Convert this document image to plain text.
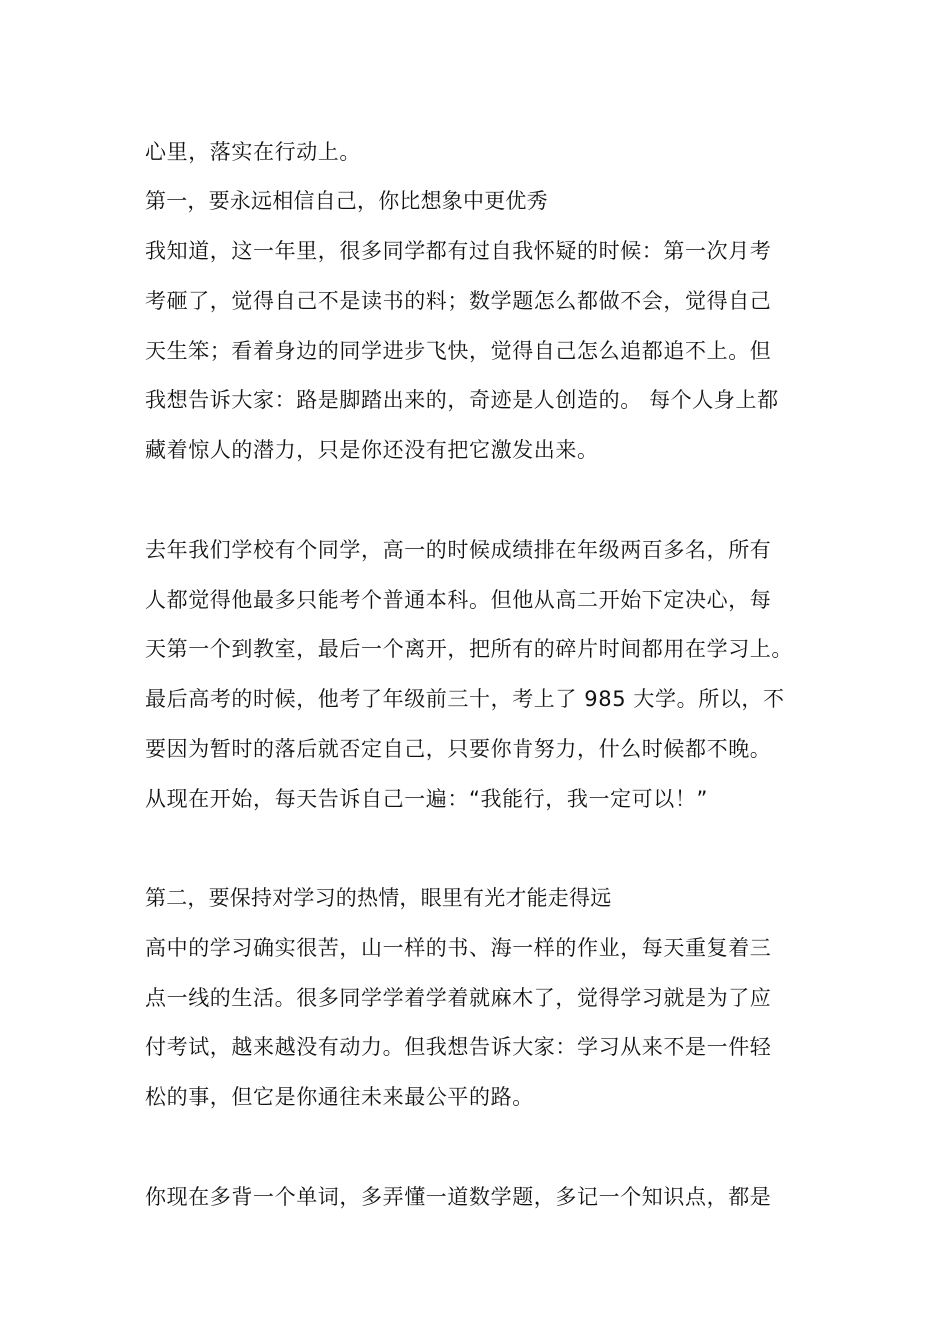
心里，落实在行动上。
第一，要永远相信自己，你比想象中更优秀
我知道，这一年里，很多同学都有过自我怀疑的时候：第一次月考
考砸了，觉得自己不是读书的料；数学题怎么都做不会，觉得自己
天生笨；看着身边的同学进步飞快，觉得自己怎么追都追不上。但
我想告诉大家：路是脚踏出来的，奇迹是人创造的。 每个人身上都
藏着惊人的潜力，只是你还没有把它激发出来。
去年我们学校有个同学，高一的时候成绩排在年级两百多名，所有
人都觉得他最多只能考个普通本科。但他从高二开始下定决心，每
天第一个到教室，最后一个离开，把所有的碎片时间都用在学习上。
最后高考的时候，他考了年级前三十，考上了 985 大学。所以，不
要因为暂时的落后就否定自己，只要你肯努力，什么时候都不晚。
从现在开始，每天告诉自己一遍：“我能行，我一定可以！”
第二，要保持对学习的热情，眼里有光才能走得远
高中的学习确实很苦，山一样的书、海一样的作业，每天重复着三
点一线的生活。很多同学学着学着就麻木了，觉得学习就是为了应
付考试，越来越没有动力。但我想告诉大家：学习从来不是一件轻
松的事，但它是你通往未来最公平的路。
你现在多背一个单词，多弄懂一道数学题，多记一个知识点，都是
